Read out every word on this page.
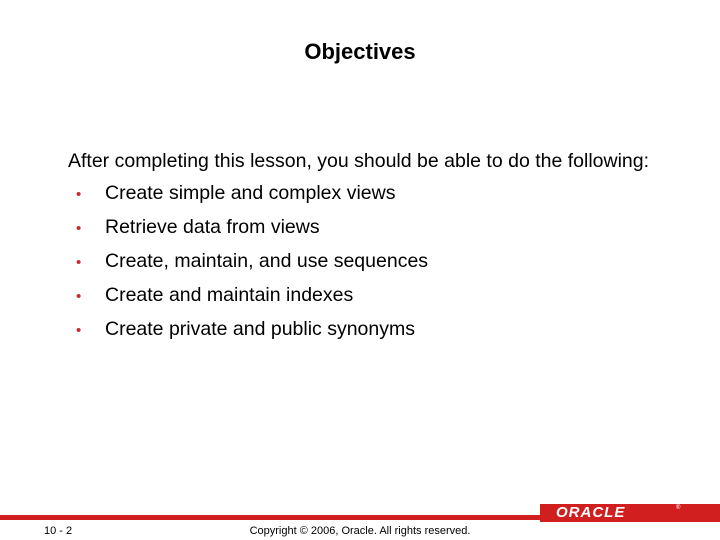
Objectives

After completing this lesson, you should be able to do the following:

•	Create simple and complex views
•	Retrieve data from views
•	Create, maintain, and use sequences
•	Create and maintain indexes
•	Create private and public synonyms
ORACLE	®
10 - 2	Copyright © 2006, Oracle. All rights reserved.
